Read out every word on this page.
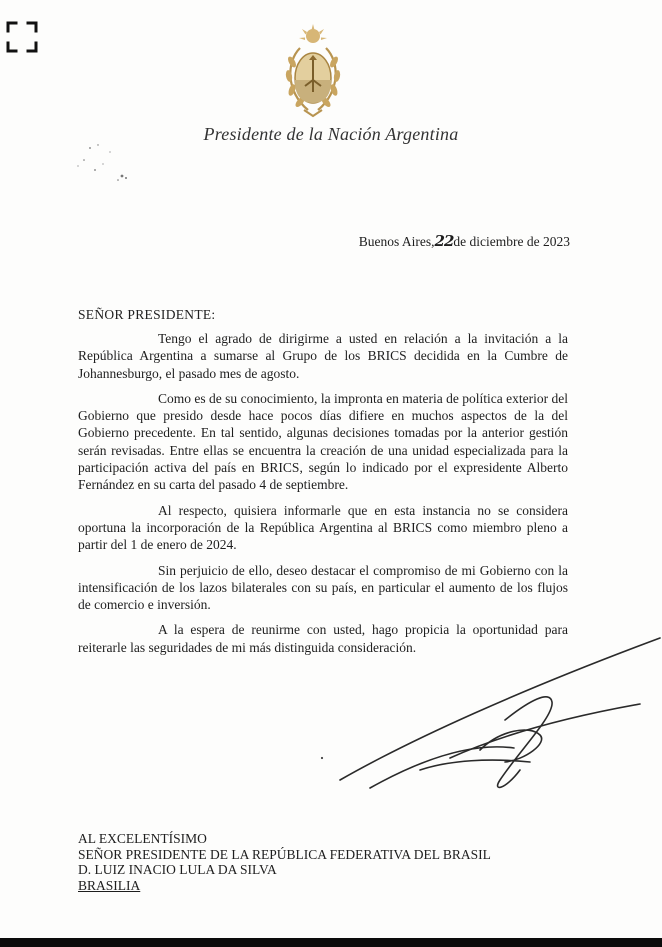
Presidente de la Nación Argentina
Buenos Aires,22de diciembre de 2023
SEÑOR PRESIDENTE:

Tengo el agrado de dirigirme a usted en relación a la invitación a la República Argentina a sumarse al Grupo de los BRICS decidida en la Cumbre de Johannesburgo, el pasado mes de agosto.

Como es de su conocimiento, la impronta en materia de política exterior del Gobierno que presido desde hace pocos días difiere en muchos aspectos de la del Gobierno precedente. En tal sentido, algunas decisiones tomadas por la anterior gestión serán revisadas. Entre ellas se encuentra la creación de una unidad especializada para la participación activa del país en BRICS, según lo indicado por el expresidente Alberto Fernández en su carta del pasado 4 de septiembre.

Al respecto, quisiera informarle que en esta instancia no se considera oportuna la incorporación de la República Argentina al BRICS como miembro pleno a partir del 1 de enero de 2024.

Sin perjuicio de ello, deseo destacar el compromiso de mi Gobierno con la intensificación de los lazos bilaterales con su país, en particular el aumento de los flujos de comercio e inversión.

A la espera de reunirme con usted, hago propicia la oportunidad para reiterarle las seguridades de mi más distinguida consideración.

AL EXCELENTÍSIMO
SEÑOR PRESIDENTE DE LA REPÚBLICA FEDERATIVA DEL BRASIL
D. LUIZ INACIO LULA DA SILVA
BRASILIA
